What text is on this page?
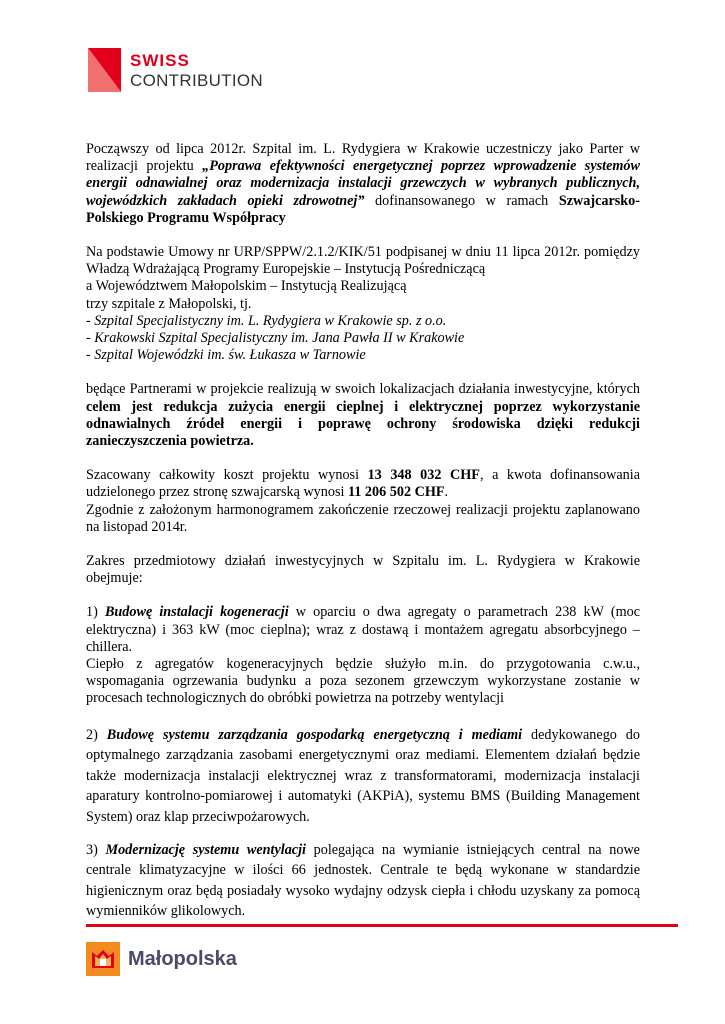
SWISS
CONTRIBUTION

Począwszy od lipca 2012r. Szpital im. L. Rydygiera w Krakowie uczestniczy jako Parter w realizacji projektu „Poprawa efektywności energetycznej poprzez wprowadzenie systemów energii odnawialnej oraz modernizacja instalacji grzewczych w wybranych publicznych, wojewódzkich zakładach opieki zdrowotnej” dofinansowanego w ramach Szwajcarsko-Polskiego Programu Współpracy

Na podstawie Umowy nr URP/SPPW/2.1.2/KIK/51 podpisanej w dniu 11 lipca 2012r. pomiędzy Władzą Wdrażającą Programy Europejskie – Instytucją Pośredniczącą
a Województwem Małopolskim – Instytucją Realizującą
trzy szpitale z Małopolski, tj.
- Szpital Specjalistyczny im. L. Rydygiera w Krakowie sp. z o.o.
- Krakowski Szpital Specjalistyczny im. Jana Pawła II w Krakowie
- Szpital Wojewódzki im. św. Łukasza w Tarnowie

będące Partnerami w projekcie realizują w swoich lokalizacjach działania inwestycyjne, których celem jest redukcja zużycia energii cieplnej i elektrycznej poprzez wykorzystanie odnawialnych źródeł energii i poprawę ochrony środowiska dzięki redukcji zanieczyszczenia powietrza.

Szacowany całkowity koszt projektu wynosi 13 348 032 CHF, a kwota dofinansowania udzielonego przez stronę szwajcarską wynosi 11 206 502 CHF.
Zgodnie z założonym harmonogramem zakończenie rzeczowej realizacji projektu zaplanowano na listopad 2014r.

Zakres przedmiotowy działań inwestycyjnych w Szpitalu im. L. Rydygiera w Krakowie obejmuje:

1) Budowę instalacji kogeneracji w oparciu o dwa agregaty o parametrach 238 kW (moc elektryczna) i 363 kW (moc cieplna); wraz z dostawą i montażem agregatu absorbcyjnego – chillera.
Ciepło z agregatów kogeneracyjnych będzie służyło m.in. do przygotowania c.w.u., wspomagania ogrzewania budynku a poza sezonem grzewczym wykorzystane zostanie w procesach technologicznych do obróbki powietrza na potrzeby wentylacji

2) Budowę systemu zarządzania gospodarką energetyczną i mediami dedykowanego do optymalnego zarządzania zasobami energetycznymi oraz mediami. Elementem działań będzie także modernizacja instalacji elektrycznej wraz z transformatorami, modernizacja instalacji aparatury kontrolno-pomiarowej i automatyki (AKPiA), systemu BMS (Building Management System) oraz klap przeciwpożarowych.

3) Modernizację systemu wentylacji polegająca na wymianie istniejących central na nowe centrale klimatyzacyjne w ilości 66 jednostek. Centrale te będą wykonane w standardzie higienicznym oraz będą posiadały wysoko wydajny odzysk ciepła i chłodu uzyskany za pomocą wymienników glikolowych.

Małopolska
